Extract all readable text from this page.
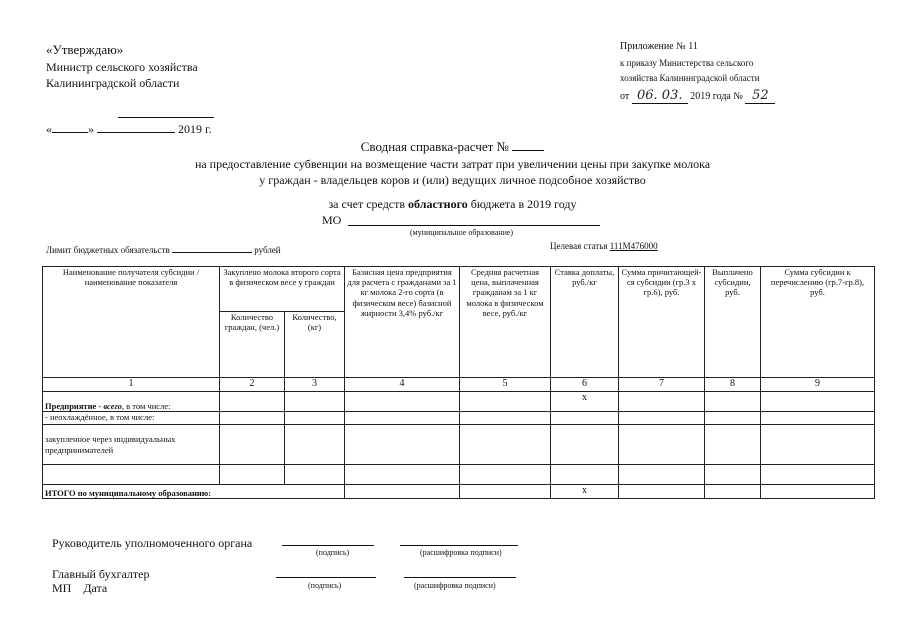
«Утверждаю»
Министр сельского хозяйства
Калининградской области
«	»	2019 г.
Приложение № 11
к приказу Министерства сельского
хозяйства Калининградской области
от 06. 03. 2019 года № 52
Сводная справка-расчет №
на предоставление субвенции на возмещение части затрат при увеличении цены при закупке молока
у граждан - владельцев коров и (или) ведущих личное подсобное хозяйство
за счет средств областного бюджета в 2019 году
МО
(муниципальное образование)
Лимит бюджетных обязательств	рублей	Целевая статья 111М476000
Наименование получателя субсидии / наименование показателя	Закуплено молока второго сорта в физическом весе у граждан		Базисная цена предприятия для расчета с гражданами за 1 кг молока 2-го сорта (в физическом весе) базисной жирности 3,4% руб./кг	Средняя расчетная цена, выплаченная гражданам за 1 кг молока в физическом весе, руб./кг	Ставка доплаты, руб./кг	Сумма причитающей-ся субсидии (гр.3 х гр.6), руб.	Выплачено субсидии, руб.	Сумма субсидии к перечислению (гр.7-гр.8), руб.
	Количество граждан, (чел.)	Количество, (кг)						
1	2	3	4	5	6	7	8	9
Предприятие - всего, в том числе:					х			
- неохлаждённое, в том числе:								
закупленное через индивидуальных предпринимателей								

ИТОГО по муниципальному образованию:					х			
Руководитель уполномоченного органа
(подпись)	(расшифровка подписи)
Главный бухгалтер
МП Дата	(подпись)	(расшифровка подписи)
